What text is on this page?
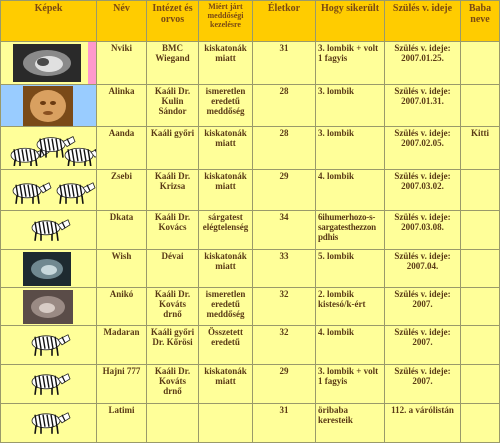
Képek	Név	Intézet és orvos	Miért járt meddőségi kezelésre	Életkor	Hogy sikerült	Szülés v. ideje	Baba neve

	Nviki	BMC Wiegand	kiskatonák miatt	31	3. lombik + volt 1 fagyis	Szülés v. ideje: 2007.01.25.	

	Alinka	Kaáli Dr. Kulin Sándor	ismeretlen eredetű meddőség	28	3. lombik	Szülés v. ideje: 2007.01.31.	
	Aanda	Kaáli győri	kiskatonák miatt	28	3. lombik	Szülés v. ideje: 2007.02.05.	Kitti
	Zsebi	Kaáli Dr. Krizsa	kiskatonák miatt	29	4. lombik	Szülés v. ideje: 2007.03.02.	
	Dkata	Kaáli Dr. Kovács	sárgatest elégtelenség	34	6ihumerhozo-s-sargatesthezzon pdhis	Szülés v. ideje: 2007.03.08.	

	Wish	Dévai	kiskatonák miatt	33	5. lombik	Szülés v. ideje: 2007.04.	

	Anikó	Kaáli Dr. Kováts drnő	ismeretlen eredetű meddőség	32	2. lombik kistesó/k-ért	Szülés v. ideje: 2007.	
	Madaran	Kaáli győri Dr. Kőrösi	Összetett eredetű	32	4. lombik	Szülés v. ideje: 2007.	
	Hajni 777	Kaáli Dr. Kováts drnő	kiskatonák miatt	29	3. lombik + volt 1 fagyis	Szülés v. ideje: 2007.	
	Latimi			31	öribaba keresteik	112. a várólistán	
